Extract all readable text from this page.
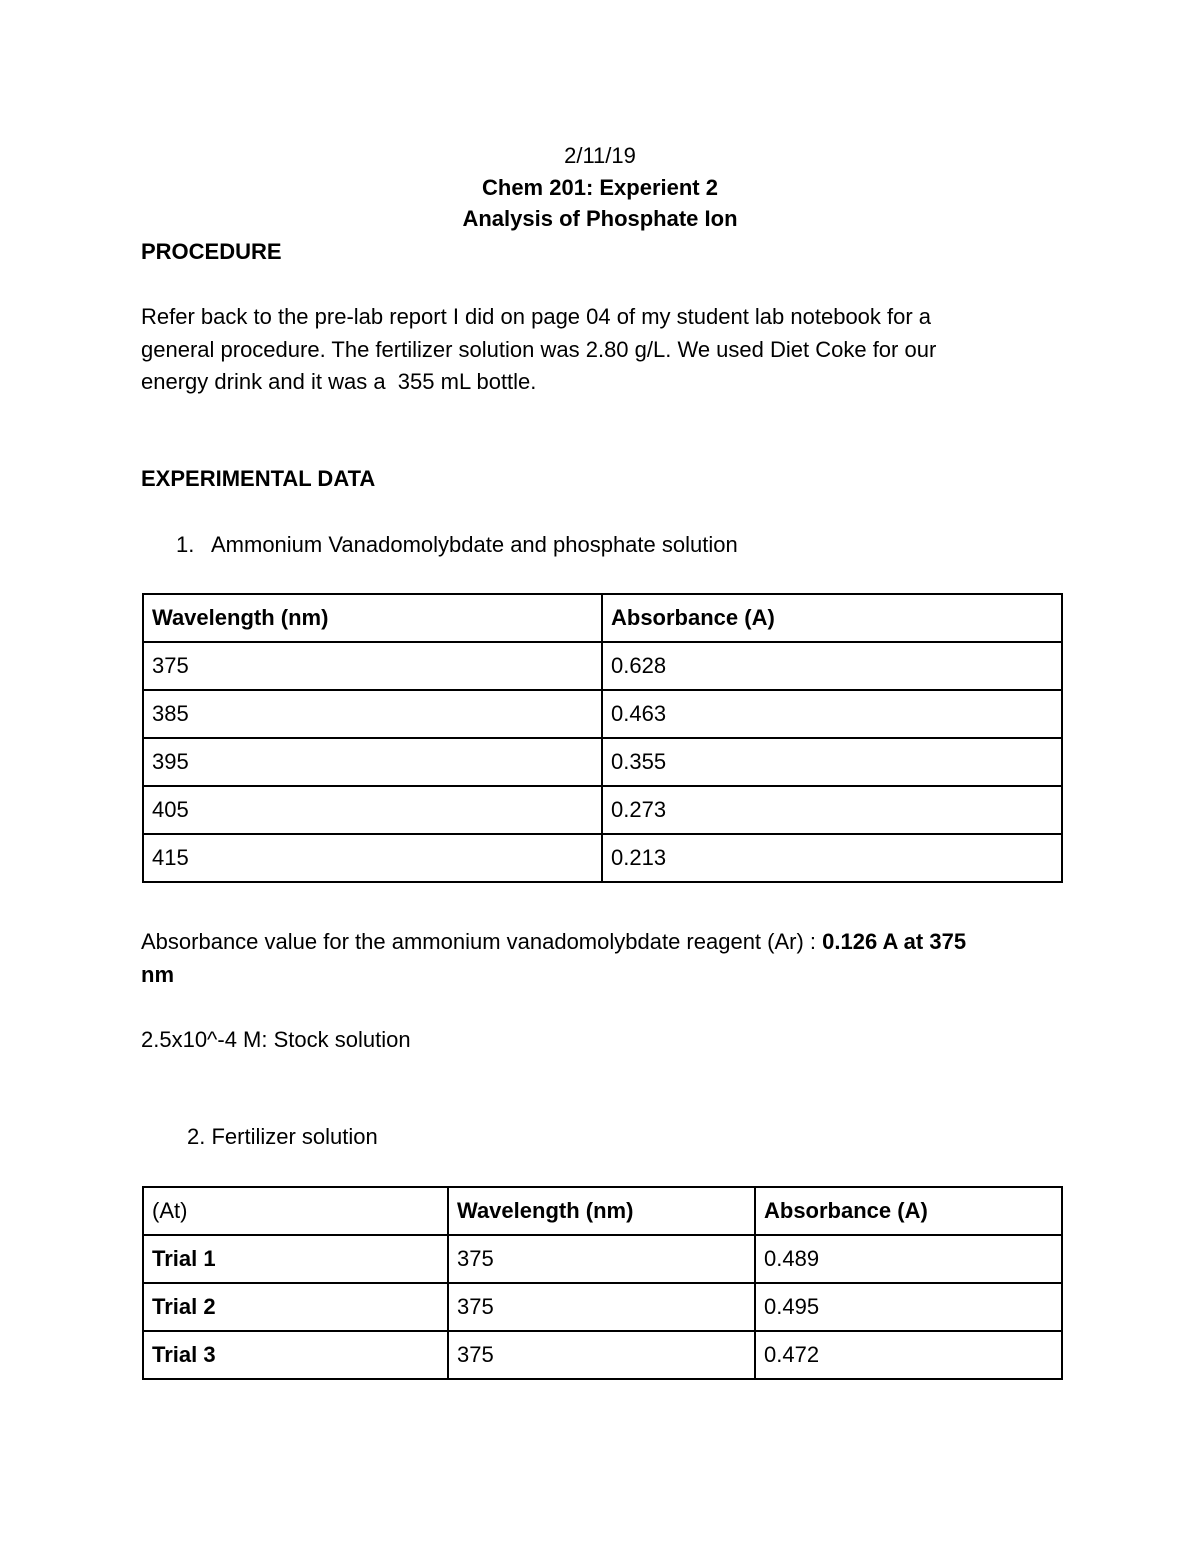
2/11/19
Chem 201: Experient 2
Analysis of Phosphate Ion
PROCEDURE
Refer back to the pre-lab report I did on page 04 of my student lab notebook for a
general procedure. The fertilizer solution was 2.80 g/L. We used Diet Coke for our
energy drink and it was a  355 mL bottle.
EXPERIMENTAL DATA
1. Ammonium Vanadomolybdate and phosphate solution
Wavelength (nm)	Absorbance (A)
375	0.628
385	0.463
395	0.355
405	0.273
415	0.213
Absorbance value for the ammonium vanadomolybdate reagent (Ar) : 0.126 A at 375
nm
2.5x10^-4 M: Stock solution
2. Fertilizer solution
(At)	Wavelength (nm)	Absorbance (A)
Trial 1	375	0.489
Trial 2	375	0.495
Trial 3	375	0.472
